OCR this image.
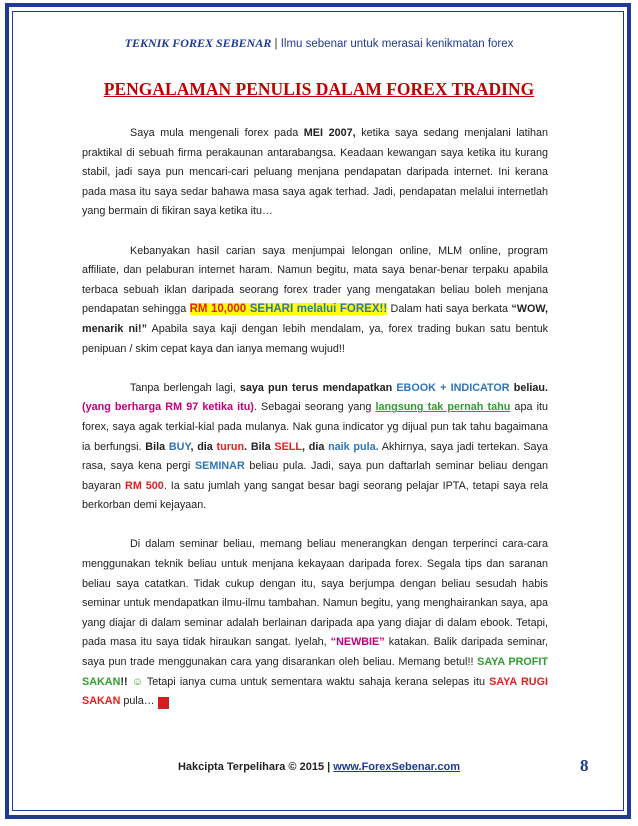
TEKNIK FOREX SEBENAR | Ilmu sebenar untuk merasai kenikmatan forex
PENGALAMAN PENULIS DALAM FOREX TRADING

Saya mula mengenali forex pada MEI 2007, ketika saya sedang menjalani latihan praktikal di sebuah firma perakaunan antarabangsa. Keadaan kewangan saya ketika itu kurang stabil, jadi saya pun mencari-cari peluang menjana pendapatan daripada internet. Ini kerana pada masa itu saya sedar bahawa masa saya agak terhad. Jadi, pendapatan melalui internetlah yang bermain di fikiran saya ketika itu…

Kebanyakan hasil carian saya menjumpai lelongan online, MLM online, program affiliate, dan pelaburan internet haram. Namun begitu, mata saya benar-benar terpaku apabila terbaca sebuah iklan daripada seorang forex trader yang mengatakan beliau boleh menjana pendapatan sehingga RM 10,000 SEHARI melalui FOREX!! Dalam hati saya berkata “WOW, menarik ni!” Apabila saya kaji dengan lebih mendalam, ya, forex trading bukan satu bentuk penipuan / skim cepat kaya dan ianya memang wujud!!

Tanpa berlengah lagi, saya pun terus mendapatkan EBOOK + INDICATOR beliau. (yang berharga RM 97 ketika itu). Sebagai seorang yang langsung tak pernah tahu apa itu forex, saya agak terkial-kial pada mulanya. Nak guna indicator yg dijual pun tak tahu bagaimana ia berfungsi. Bila BUY, dia turun. Bila SELL, dia naik pula. Akhirnya, saya jadi tertekan. Saya rasa, saya kena pergi SEMINAR beliau pula. Jadi, saya pun daftarlah seminar beliau dengan bayaran RM 500. Ia satu jumlah yang sangat besar bagi seorang pelajar IPTA, tetapi saya rela berkorban demi kejayaan.

Di dalam seminar beliau, memang beliau menerangkan dengan terperinci cara-cara menggunakan teknik beliau untuk menjana kekayaan daripada forex. Segala tips dan saranan beliau saya catatkan. Tidak cukup dengan itu, saya berjumpa dengan beliau sesudah habis seminar untuk mendapatkan ilmu-ilmu tambahan. Namun begitu, yang menghairankan saya, apa yang diajar di dalam seminar adalah berlainan daripada apa yang diajar di dalam ebook. Tetapi, pada masa itu saya tidak hiraukan sangat. Iyelah, “NEWBIE” katakan. Balik daripada seminar, saya pun trade menggunakan cara yang disarankan oleh beliau. Memang betul!! SAYA PROFIT SAKAN!! ☺ Tetapi ianya cuma untuk sementara waktu sahaja kerana selepas itu SAYA RUGI SAKAN pula…	☹

Hakcipta Terpelihara © 2015 | www.ForexSebenar.com	8
